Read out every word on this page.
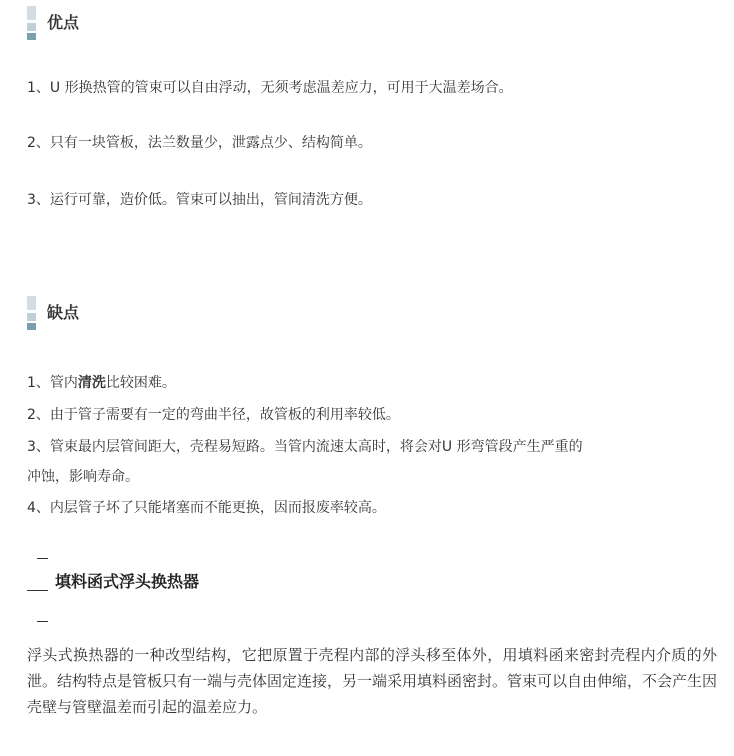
优点
1、U 形换热管的管束可以自由浮动，无须考虑温差应力，可用于大温差场合。
2、只有一块管板，法兰数量少，泄露点少、结构简单。
3、运行可靠，造价低。管束可以抽出，管间清洗方便。
缺点
1、管内清洗比较困难。
2、由于管子需要有一定的弯曲半径，故管板的利用率较低。
3、管束最内层管间距大，壳程易短路。当管内流速太高时，将会对U 形弯管段产生严重的
冲蚀，影响寿命。
4、内层管子坏了只能堵塞而不能更换，因而报废率较高。
填料函式浮头换热器
浮头式换热器的一种改型结构，它把原置于壳程内部的浮头移至体外，用填料函来密封壳程内介质的外泄。结构特点是管板只有一端与壳体固定连接，另一端采用填料函密封。管束可以自由伸缩，不会产生因壳壁与管壁温差而引起的温差应力。
